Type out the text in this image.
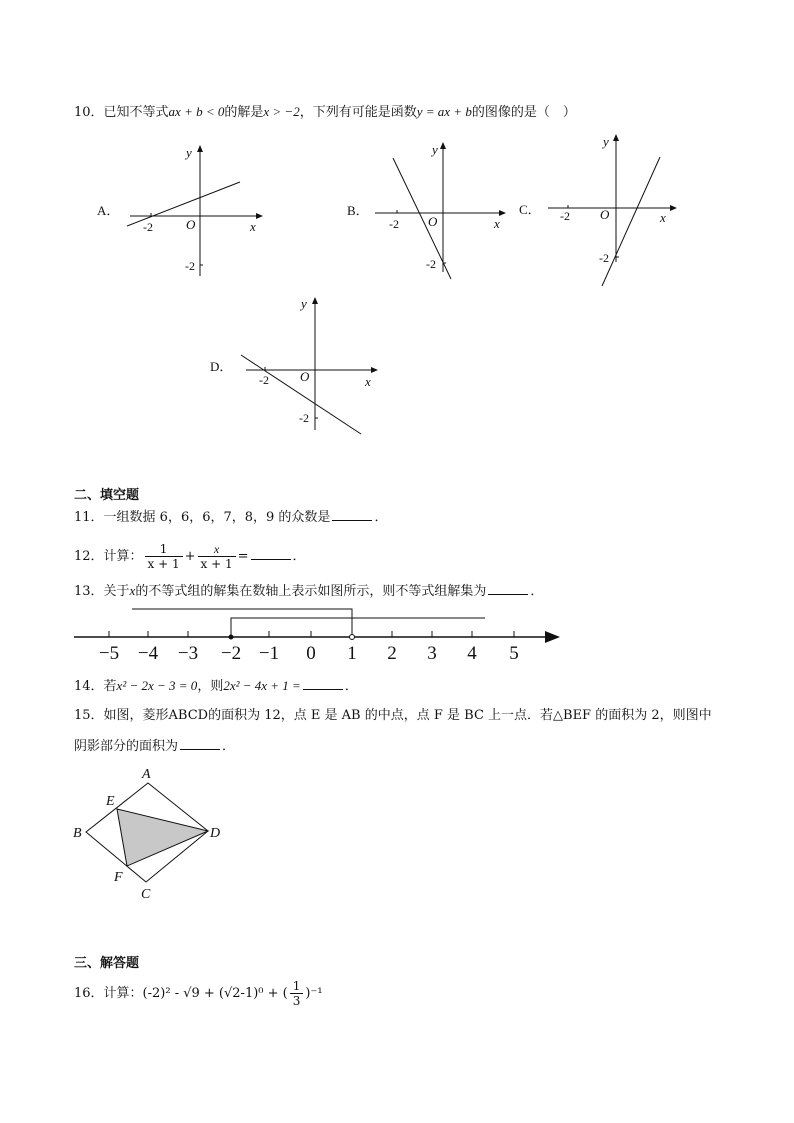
10．已知不等式ax + b < 0的解是x > −2，下列有可能是函数y = ax + b的图像的是（　）
y
O	x
-2
-2
y
O	x
-2
-2
y
O	x
-2
-2
y
O	x
-2
-2
A．	B．	C．
D．
−5 −4 −3 −2 −1 0 1 2 3 4 5
A
B
C
D
E
F
二、填空题
11．一组数据 6，6，6，7，8，9 的众数是	．
12．计算： $\frac{1}{x + 1} + \frac{x}{x + 1}$ =	．
13．关于x的不等式组的解集在数轴上表示如图所示，则不等式组解集为	．
14．若x² − 2x − 3 = 0，则2x² − 4x + 1 =	．
15．如图，菱形ABCD的面积为 12，点 E 是 AB 的中点，点 F 是 BC 上一点．若△BEF 的面积为 2，则图中
阴影部分的面积为	．
三、解答题
16．计算：(-2)² - √9 + (√2-1)⁰ + ( $\frac{1}{3} )^{-1}$
